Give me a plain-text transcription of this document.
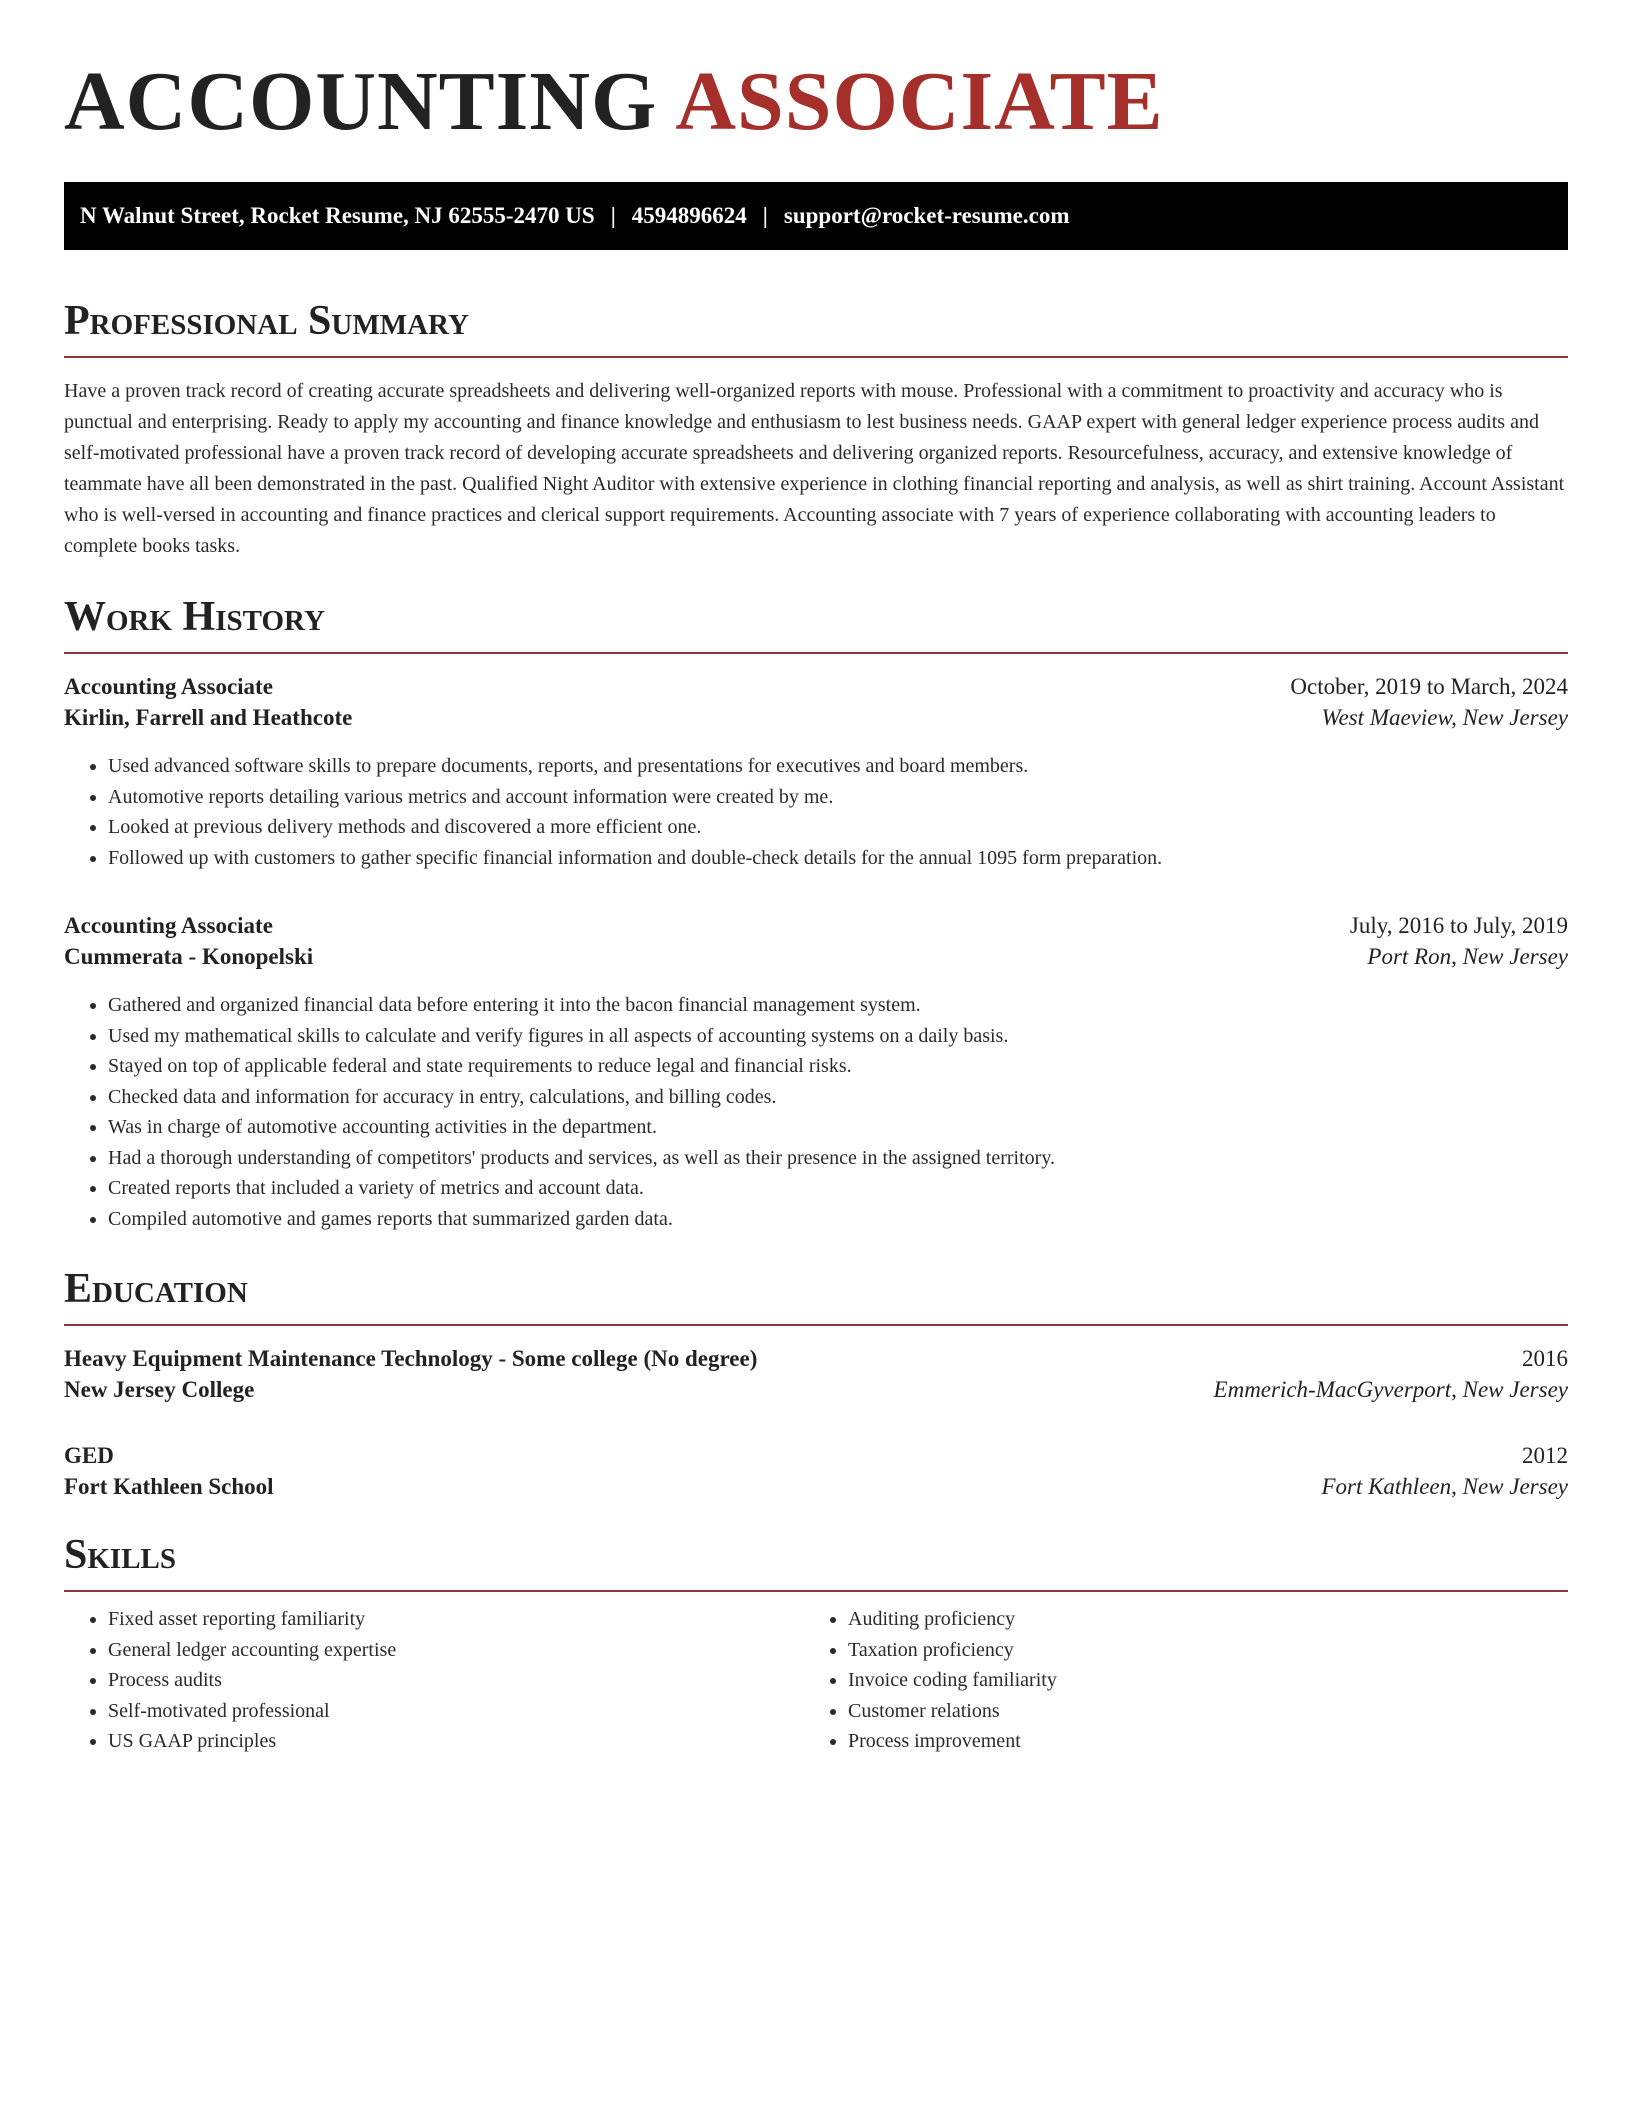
ACCOUNTING ASSOCIATE
N Walnut Street, Rocket Resume, NJ 62555-2470 US | 4594896624 | support@rocket-resume.com
Professional Summary

Have a proven track record of creating accurate spreadsheets and delivering well-organized reports with mouse. Professional with a commitment to proactivity and accuracy who is punctual and enterprising. Ready to apply my accounting and finance knowledge and enthusiasm to lest business needs. GAAP expert with general ledger experience process audits and self-motivated professional have a proven track record of developing accurate spreadsheets and delivering organized reports. Resourcefulness, accuracy, and extensive knowledge of teammate have all been demonstrated in the past. Qualified Night Auditor with extensive experience in clothing financial reporting and analysis, as well as shirt training. Account Assistant who is well-versed in accounting and finance practices and clerical support requirements. Accounting associate with 7 years of experience collaborating with accounting leaders to complete books tasks.

Work History
Accounting Associate	October, 2019 to March, 2024
Kirlin, Farrell and Heathcote	West Maeview, New Jersey
• Used advanced software skills to prepare documents, reports, and presentations for executives and board members.
• Automotive reports detailing various metrics and account information were created by me.
• Looked at previous delivery methods and discovered a more efficient one.
• Followed up with customers to gather specific financial information and double-check details for the annual 1095 form preparation.
Accounting Associate	July, 2016 to July, 2019
Cummerata - Konopelski	Port Ron, New Jersey
• Gathered and organized financial data before entering it into the bacon financial management system.
• Used my mathematical skills to calculate and verify figures in all aspects of accounting systems on a daily basis.
• Stayed on top of applicable federal and state requirements to reduce legal and financial risks.
• Checked data and information for accuracy in entry, calculations, and billing codes.
• Was in charge of automotive accounting activities in the department.
• Had a thorough understanding of competitors' products and services, as well as their presence in the assigned territory.
• Created reports that included a variety of metrics and account data.
• Compiled automotive and games reports that summarized garden data.
Education
Heavy Equipment Maintenance Technology - Some college (No degree)	2016
New Jersey College	Emmerich-MacGyverport, New Jersey
GED	2012
Fort Kathleen School	Fort Kathleen, New Jersey
Skills
• Fixed asset reporting familiarity
• General ledger accounting expertise
• Process audits
• Self-motivated professional
• US GAAP principles
• Auditing proficiency
• Taxation proficiency
• Invoice coding familiarity
• Customer relations
• Process improvement
